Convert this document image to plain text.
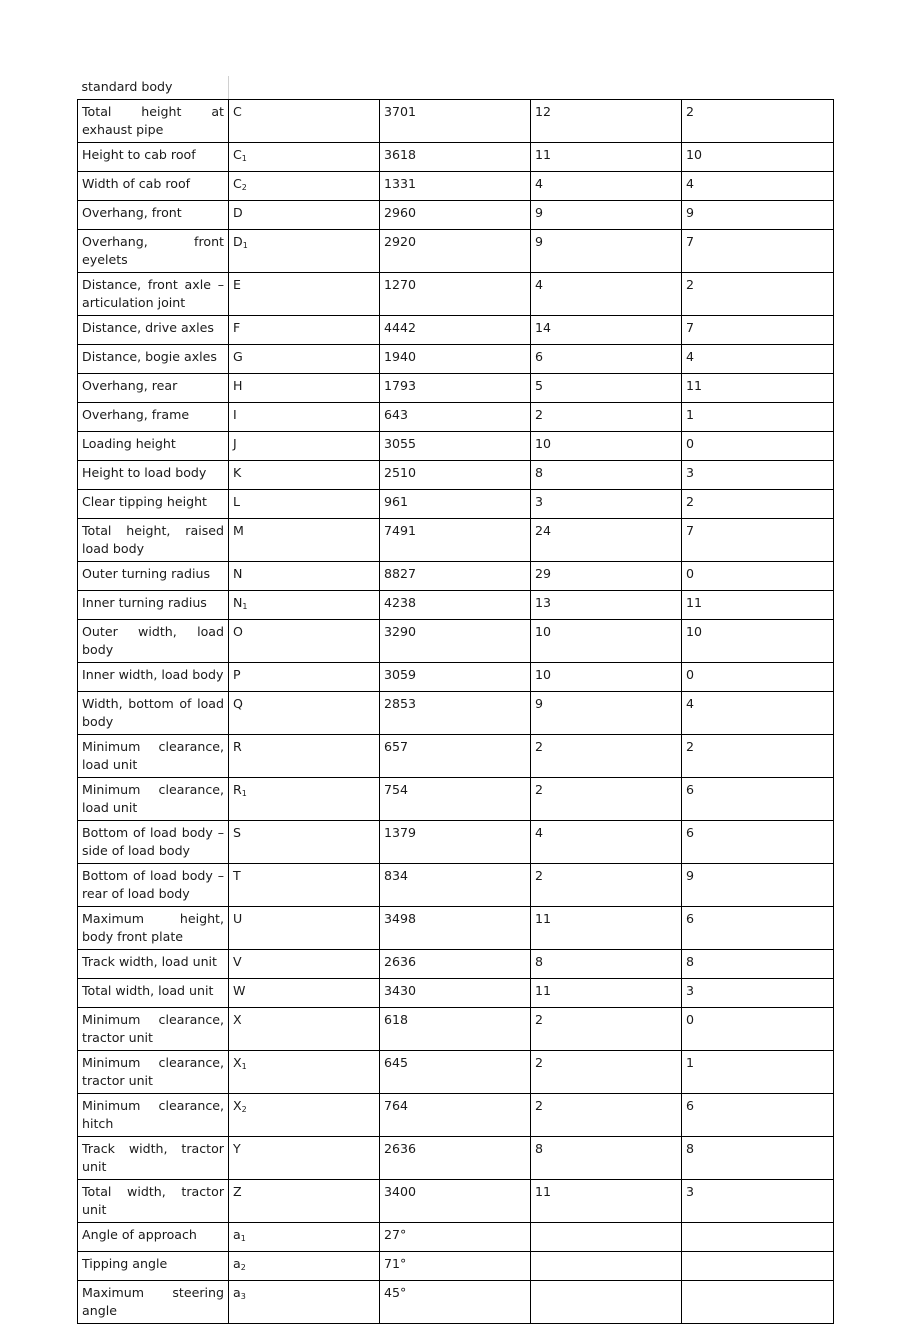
standard body				
Total height at exhaust pipe	C	3701	12	2
Height to cab roof	$C_1$	3618	11	10
Width of cab roof	$C_2$	1331	4	4
Overhang, front	D	2960	9	9
Overhang, front eyelets	$D_1$	2920	9	7
Distance, front axle – articulation joint	E	1270	4	2
Distance, drive axles	F	4442	14	7
Distance, bogie axles	G	1940	6	4
Overhang, rear	H	1793	5	11
Overhang, frame	I	643	2	1
Loading height	J	3055	10	0
Height to load body	K	2510	8	3
Clear tipping height	L	961	3	2
Total height, raised load body	M	7491	24	7
Outer turning radius	N	8827	29	0
Inner turning radius	$N_1$	4238	13	11
Outer width, load body	O	3290	10	10
Inner width, load body	P	3059	10	0
Width, bottom of load body	Q	2853	9	4
Minimum clearance, load unit	R	657	2	2
Minimum clearance, load unit	$R_1$	754	2	6
Bottom of load body – side of load body	S	1379	4	6
Bottom of load body – rear of load body	T	834	2	9
Maximum height, body front plate	U	3498	11	6
Track width, load unit	V	2636	8	8
Total width, load unit	W	3430	11	3
Minimum clearance, tractor unit	X	618	2	0
Minimum clearance, tractor unit	$X_1$	645	2	1
Minimum clearance, hitch	$X_2$	764	2	6
Track width, tractor unit	Y	2636	8	8
Total width, tractor unit	Z	3400	11	3
Angle of approach	$a_1$	27°		
Tipping angle	$a_2$	71°		
Maximum steering angle	$a_3$	45°		
